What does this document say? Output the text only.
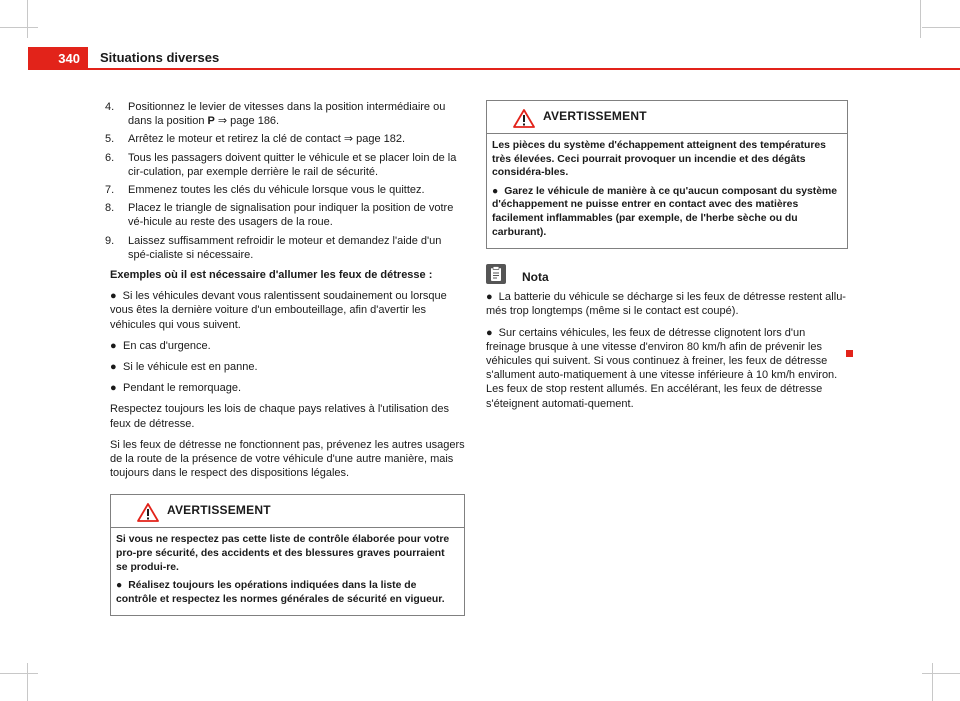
340	Situations diverses
4. Positionnez le levier de vitesses dans la position intermédiaire ou dans la position P ⇒ page 186.
5. Arrêtez le moteur et retirez la clé de contact ⇒ page 182.
6. Tous les passagers doivent quitter le véhicule et se placer loin de la cir-culation, par exemple derrière le rail de sécurité.
7. Emmenez toutes les clés du véhicule lorsque vous le quittez.
8. Placez le triangle de signalisation pour indiquer la position de votre vé-hicule au reste des usagers de la roue.
9. Laissez suffisamment refroidir le moteur et demandez l'aide d'un spé-cialiste si nécessaire.

Exemples où il est nécessaire d'allumer les feux de détresse :

● Si les véhicules devant vous ralentissent soudainement ou lorsque vous êtes la dernière voiture d'un embouteillage, afin d'avertir les véhicules qui vous suivent.

● En cas d'urgence.

● Si le véhicule est en panne.

● Pendant le remorquage.

Respectez toujours les lois de chaque pays relatives à l'utilisation des feux de détresse.

Si les feux de détresse ne fonctionnent pas, prévenez les autres usagers de la route de la présence de votre véhicule d'une autre manière, mais toujours dans le respect des dispositions légales.

AVERTISSEMENT

Si vous ne respectez pas cette liste de contrôle élaborée pour votre pro-pre sécurité, des accidents et des blessures graves pourraient se produi-re.

● Réalisez toujours les opérations indiquées dans la liste de contrôle et respectez les normes générales de sécurité en vigueur.

AVERTISSEMENT

Les pièces du système d'échappement atteignent des températures très élevées. Ceci pourrait provoquer un incendie et des dégâts considéra-bles.

● Garez le véhicule de manière à ce qu'aucun composant du système d'échappement ne puisse entrer en contact avec des matières facilement inflammables (par exemple, de l'herbe sèche ou du carburant).

Nota

● La batterie du véhicule se décharge si les feux de détresse restent allu-més trop longtemps (même si le contact est coupé).

● Sur certains véhicules, les feux de détresse clignotent lors d'un freinage brusque à une vitesse d'environ 80 km/h afin de prévenir les véhicules qui suivent. Si vous continuez à freiner, les feux de détresse s'allument auto-matiquement à une vitesse inférieure à 10 km/h environ. Les feux de stop restent allumés. En accélérant, les feux de détresse s'éteignent automati-quement.
